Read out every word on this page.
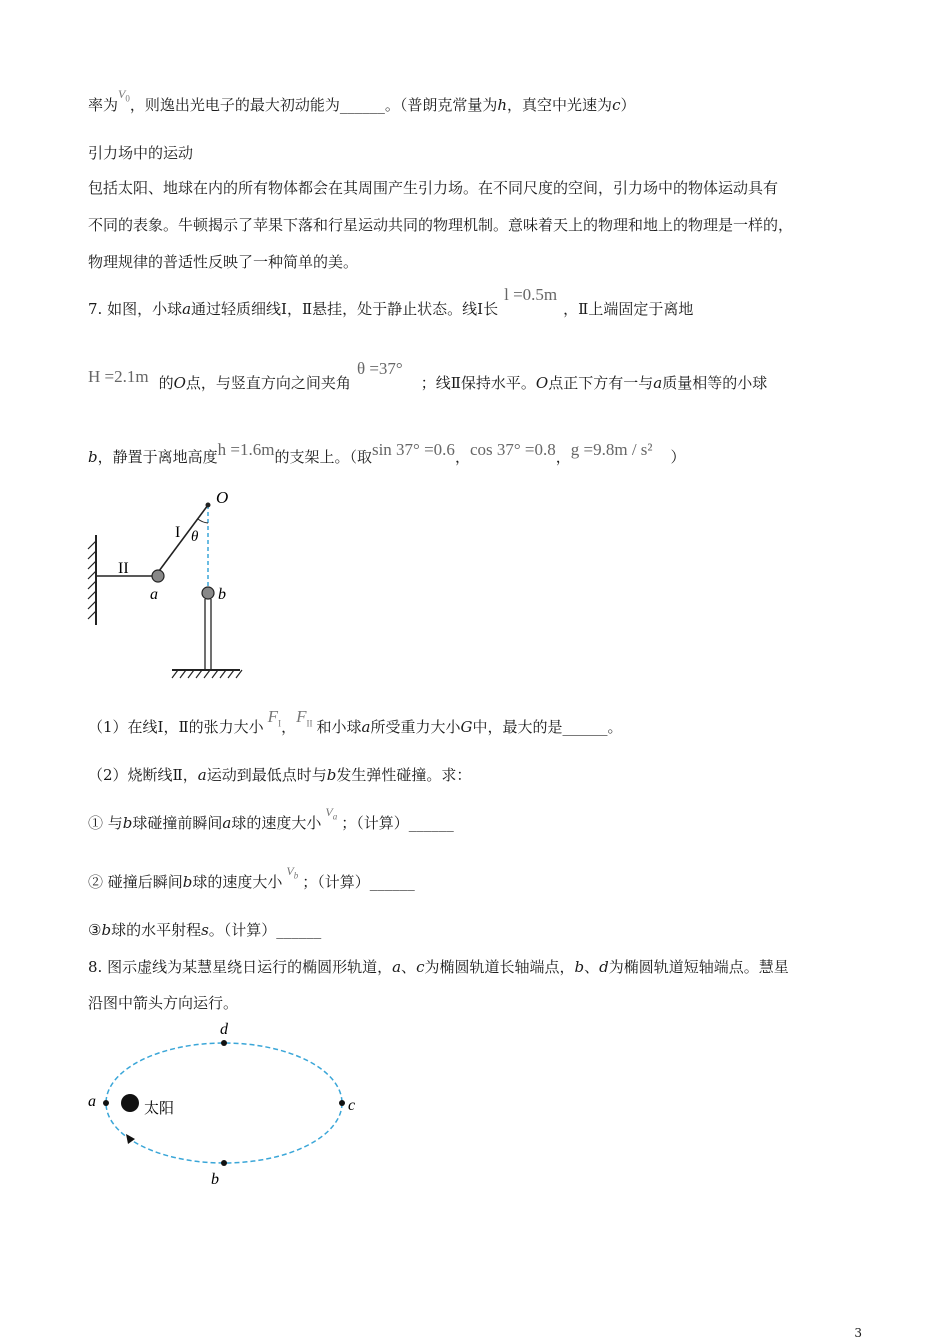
率为$^{V_0}$，则逸出光电子的最大初动能为______。（普朗克常量为h，真空中光速为c）
引力场中的运动
包括太阳、地球在内的所有物体都会在其周围产生引力场。在不同尺度的空间，引力场中的物体运动具有
不同的表象。牛顿揭示了苹果下落和行星运动共同的物理机制。意味着天上的物理和地上的物理是一样的，
物理规律的普适性反映了一种简单的美。
7. 如图，小球a通过轻质细线Ⅰ，Ⅱ悬挂，处于静止状态。线Ⅰ长l =0.5m，Ⅱ上端固定于离地
H =2.1m 的O点，与竖直方向之间夹角θ =37°；线Ⅱ保持水平。O点正下方有一与a质量相等的小球
b，静置于离地高度h =1.6m的支架上。（取sin 37° =0.6，cos 37° =0.8，g =9.8m / s² ）
O
I θ
II
a	b
（1）在线Ⅰ，Ⅱ的张力大小$F_I$，$F_{II}$ 和小球a所受重力大小G中，最大的是______。
（2）烧断线Ⅱ，a运动到最低点时与b发生弹性碰撞。求：
① 与b球碰撞前瞬间a球的速度大小$^{V_a}$ ；（计算）______
② 碰撞后瞬间b球的速度大小$^{V_b}$ ；（计算）______
③b球的水平射程s。（计算）______
8. 图示虚线为某慧星绕日运行的椭圆形轨道，a、c为椭圆轨道长轴端点，b、d为椭圆轨道短轴端点。慧星
沿图中箭头方向运行。
a	c
d
b
太阳
3
